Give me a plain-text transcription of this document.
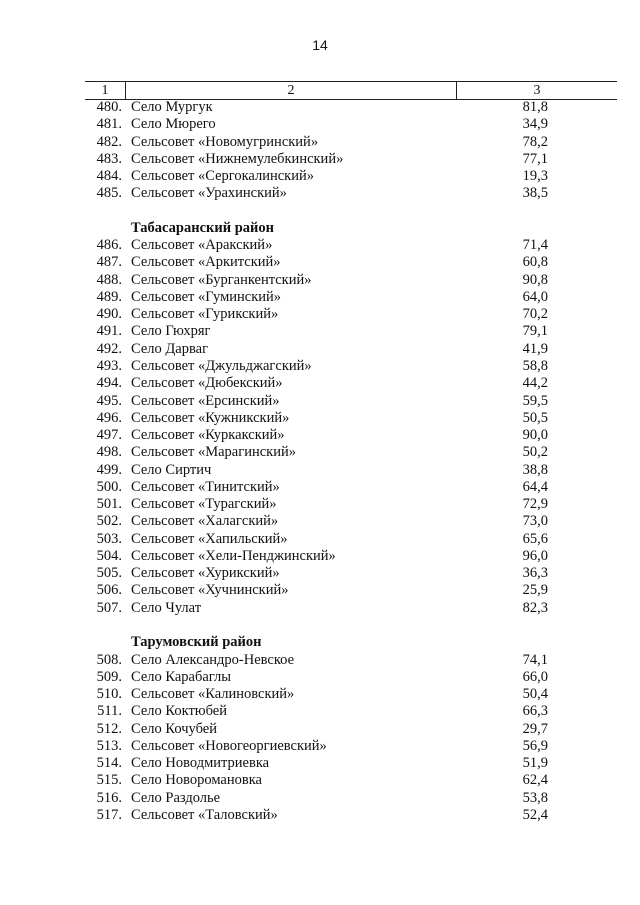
14
1	2	3
480. Село Мургук	81,8
481. Село Мюрего	34,9
482. Сельсовет «Новомугринский»	78,2
483. Сельсовет «Нижнемулебкинский»	77,1
484. Сельсовет «Сергокалинский»	19,3
485. Сельсовет «Урахинский»	38,5
Табасаранский район
486. Сельсовет «Аракский»	71,4
487. Сельсовет «Аркитский»	60,8
488. Сельсовет «Бурганкентский»	90,8
489. Сельсовет «Гуминский»	64,0
490. Сельсовет «Гурикский»	70,2
491. Село Гюхряг	79,1
492. Село Дарваг	41,9
493. Сельсовет «Джульджагский»	58,8
494. Сельсовет «Дюбекский»	44,2
495. Сельсовет «Ерсинский»	59,5
496. Сельсовет «Кужникский»	50,5
497. Сельсовет «Куркакский»	90,0
498. Сельсовет «Марагинский»	50,2
499. Село Сиртич	38,8
500. Сельсовет «Тинитский»	64,4
501. Сельсовет «Турагский»	72,9
502. Сельсовет «Халагский»	73,0
503. Сельсовет «Хапильский»	65,6
504. Сельсовет «Хели-Пенджинский»	96,0
505. Сельсовет «Хурикский»	36,3
506. Сельсовет «Хучнинский»	25,9
507. Село Чулат	82,3
Тарумовский район
508. Село Александро-Невское	74,1
509. Село Карабаглы	66,0
510. Сельсовет «Калиновский»	50,4
511. Село Коктюбей	66,3
512. Село Кочубей	29,7
513. Сельсовет «Новогеоргиевский»	56,9
514. Село Новодмитриевка	51,9
515. Село Новоромановка	62,4
516. Село Раздолье	53,8
517. Сельсовет «Таловский»	52,4
